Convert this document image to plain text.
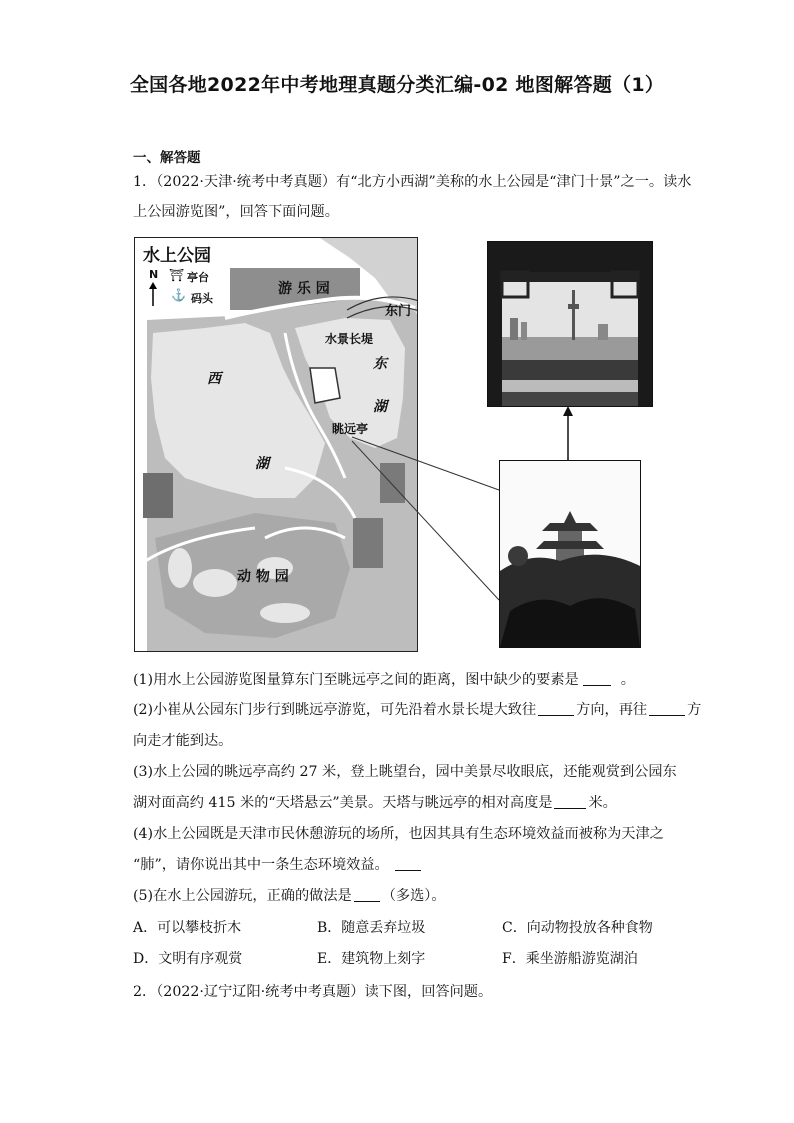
全国各地2022年中考地理真题分类汇编-02 地图解答题（1）
一、解答题
1．（2022·天津·统考中考真题）有“北方小西湖”美称的水上公园是“津门十景”之一。读水
上公园游览图”，回答下面问题。
水上公园
N ⛩ 亭台
⚓ 码头
游 乐 园
东门
水景长堤
东
湖
西
湖
眺远亭
动 物 园
(1)用水上公园游览图量算东门至眺远亭之间的距离，图中缺少的要素是	。
(2)小崔从公园东门步行到眺远亭游览，可先沿着水景长堤大致往	方向，再往	方
向走才能到达。
(3)水上公园的眺远亭高约 27 米，登上眺望台，园中美景尽收眼底，还能观赏到公园东
湖对面高约 415 米的“天塔悬云”美景。天塔与眺远亭的相对高度是	米。
(4)水上公园既是天津市民休憩游玩的场所，也因其具有生态环境效益而被称为天津之
“肺”，请你说出其中一条生态环境效益。
(5)在水上公园游玩，正确的做法是 （多选）。
A．可以攀枝折木	B．随意丢弃垃圾	C．向动物投放各种食物
D．文明有序观赏	E．建筑物上刻字	F．乘坐游船游览湖泊
2．（2022·辽宁辽阳·统考中考真题）读下图，回答问题。
